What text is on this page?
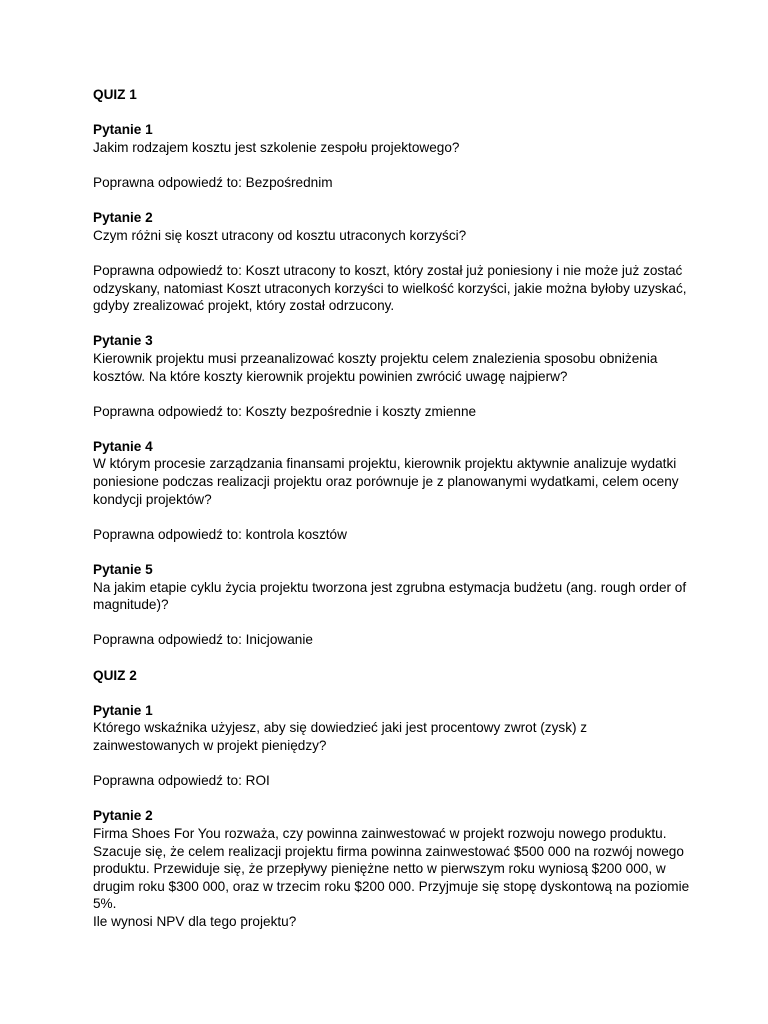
QUIZ 1
Pytanie 1
Jakim rodzajem kosztu jest szkolenie zespołu projektowego?
Poprawna odpowiedź to: Bezpośrednim
Pytanie 2
Czym różni się koszt utracony od kosztu utraconych korzyści?
Poprawna odpowiedź to: Koszt utracony to koszt, który został już poniesiony i nie może już zostać odzyskany, natomiast Koszt utraconych korzyści to wielkość korzyści, jakie można byłoby uzyskać, gdyby zrealizować projekt, który został odrzucony.
Pytanie 3
Kierownik projektu musi przeanalizować koszty projektu celem znalezienia sposobu obniżenia kosztów. Na które koszty kierownik projektu powinien zwrócić uwagę najpierw?
Poprawna odpowiedź to: Koszty bezpośrednie i koszty zmienne
Pytanie 4
W którym procesie zarządzania finansami projektu, kierownik projektu aktywnie analizuje wydatki poniesione podczas realizacji projektu oraz porównuje je z planowanymi wydatkami, celem oceny kondycji projektów?
Poprawna odpowiedź to: kontrola kosztów
Pytanie 5
Na jakim etapie cyklu życia projektu tworzona jest zgrubna estymacja budżetu (ang. rough order of magnitude)?
Poprawna odpowiedź to: Inicjowanie
QUIZ 2
Pytanie 1
Którego wskaźnika użyjesz, aby się dowiedzieć jaki jest procentowy zwrot (zysk) z zainwestowanych w projekt pieniędzy?
Poprawna odpowiedź to: ROI
Pytanie 2
Firma Shoes For You rozważa, czy powinna zainwestować w projekt rozwoju nowego produktu. Szacuje się, że celem realizacji projektu firma powinna zainwestować $500 000 na rozwój nowego produktu. Przewiduje się, że przepływy pieniężne netto w pierwszym roku wyniosą $200 000, w drugim roku $300 000, oraz w trzecim roku $200 000. Przyjmuje się stopę dyskontową na poziomie 5%.
Ile wynosi NPV dla tego projektu?
